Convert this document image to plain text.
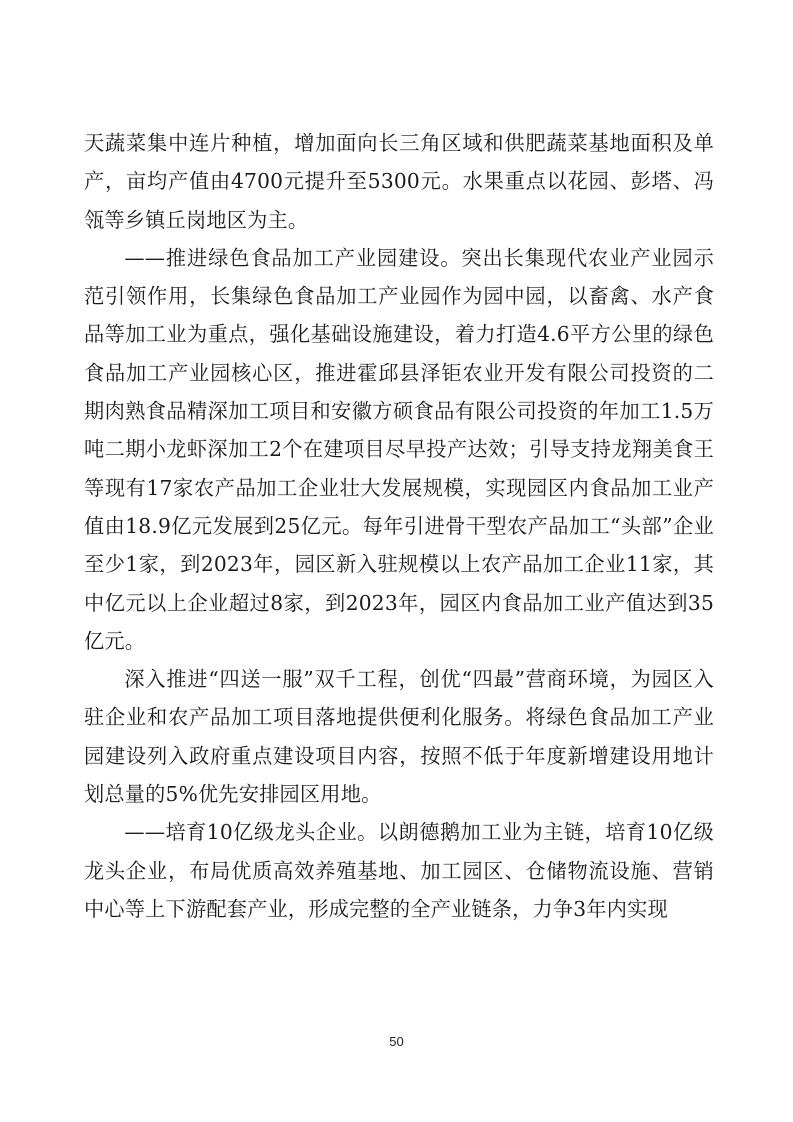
天蔬菜集中连片种植，增加面向长三角区域和供肥蔬菜基地面积及单产，亩均产值由4700元提升至5300元。水果重点以花园、彭塔、冯瓴等乡镇丘岗地区为主。

——推进绿色食品加工产业园建设。突出长集现代农业产业园示范引领作用，长集绿色食品加工产业园作为园中园，以畜禽、水产食品等加工业为重点，强化基础设施建设，着力打造4.6平方公里的绿色食品加工产业园核心区，推进霍邱县泽钜农业开发有限公司投资的二期肉熟食品精深加工项目和安徽方硕食品有限公司投资的年加工1.5万吨二期小龙虾深加工2个在建项目尽早投产达效；引导支持龙翔美食王等现有17家农产品加工企业壮大发展规模，实现园区内食品加工业产值由18.9亿元发展到25亿元。每年引进骨干型农产品加工“头部”企业至少1家，到2023年，园区新入驻规模以上农产品加工企业11家，其中亿元以上企业超过8家，到2023年，园区内食品加工业产值达到35亿元。

深入推进“四送一服”双千工程，创优“四最”营商环境，为园区入驻企业和农产品加工项目落地提供便利化服务。将绿色食品加工产业园建设列入政府重点建设项目内容，按照不低于年度新增建设用地计划总量的5%优先安排园区用地。

——培育10亿级龙头企业。以朗德鹅加工业为主链，培育10亿级龙头企业，布局优质高效养殖基地、加工园区、仓储物流设施、营销中心等上下游配套产业，形成完整的全产业链条，力争3年内实现

50
